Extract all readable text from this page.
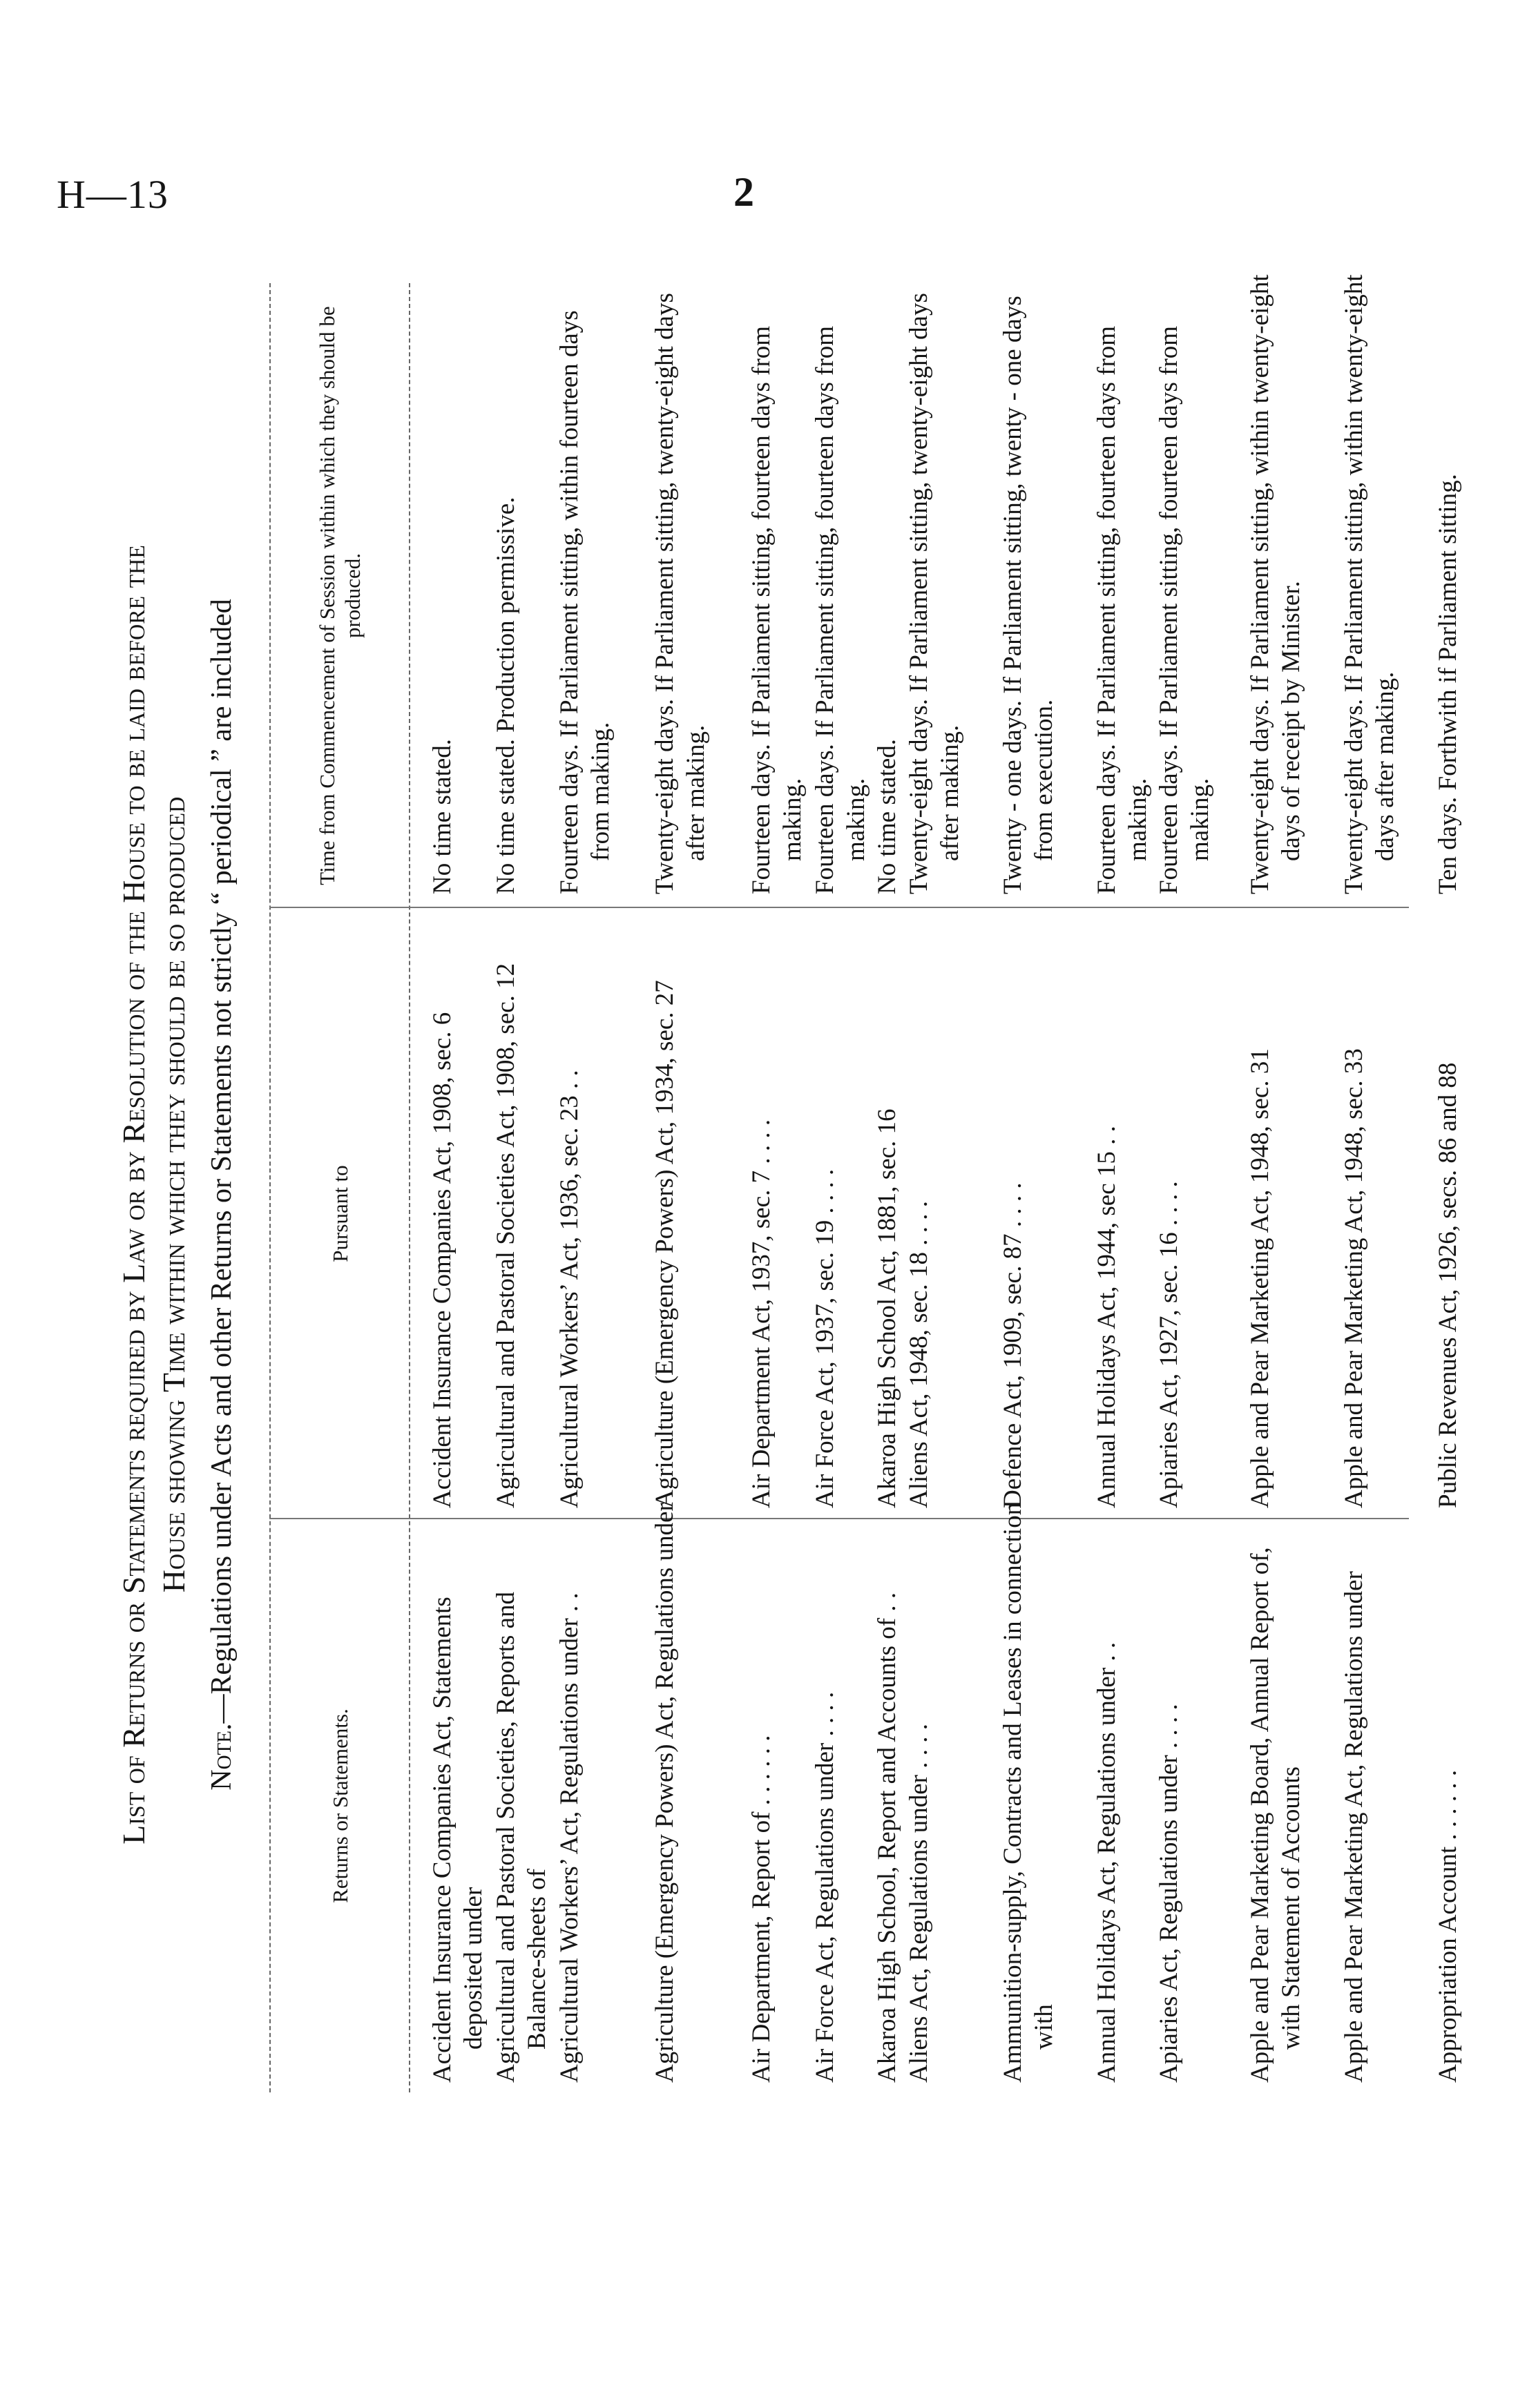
H—13	2
List of Returns or Statements required by Law or by Resolution of the House to be laid before the House showing Time within which they should be so produced
Note.—Regulations under Acts and other Returns or Statements not strictly “ periodical ” are included
Returns or Statements.
Pursuant to
Time from Commencement of Session within which they should be produced.
Accident Insurance Companies Act, Statements deposited under
Accident Insurance Companies Act, 1908, sec. 6
No time stated.
Agricultural and Pastoral Societies, Reports and Balance-sheets of
Agricultural and Pastoral Societies Act, 1908, sec. 12
No time stated. Production permissive.
Agricultural Workers’ Act, Regulations under . .
Agricultural Workers’ Act, 1936, sec. 23 . .
Fourteen days. If Parliament sitting, within fourteen days from making.
Agriculture (Emergency Powers) Act, Regulations under
Agriculture (Emergency Powers) Act, 1934, sec. 27
Twenty-eight days. If Parliament sitting, twenty-eight days after making.
Air Department, Report of . . . . . .
Air Department Act, 1937, sec. 7 . . . .
Fourteen days. If Parliament sitting, fourteen days from making.
Air Force Act, Regulations under . . . .
Air Force Act, 1937, sec. 19 . . . .
Fourteen days. If Parliament sitting, fourteen days from making.
Akaroa High School, Report and Accounts of . .
Akaroa High School Act, 1881, sec. 16
No time stated.
Aliens Act, Regulations under . . . .
Aliens Act, 1948, sec. 18 . . . .
Twenty-eight days. If Parliament sitting, twenty-eight days after making.
Ammunition-supply, Contracts and Leases in connection with
Defence Act, 1909, sec. 87 . . . .
Twenty - one days. If Parliament sitting, twenty - one days from execution.
Annual Holidays Act, Regulations under . .
Annual Holidays Act, 1944, sec 15 . .
Fourteen days. If Parliament sitting, fourteen days from making.
Apiaries Act, Regulations under . . . .
Apiaries Act, 1927, sec. 16 . . . .
Fourteen days. If Parliament sitting, fourteen days from making.
Apple and Pear Marketing Board, Annual Report of, with Statement of Accounts
Apple and Pear Marketing Act, 1948, sec. 31
Twenty-eight days. If Parliament sitting, within twenty-eight days of receipt by Minister.
Apple and Pear Marketing Act, Regulations under
Apple and Pear Marketing Act, 1948, sec. 33
Twenty-eight days. If Parliament sitting, within twenty-eight days after making.
Appropriation Account . . . . . .
Public Revenues Act, 1926, secs. 86 and 88
Ten days. Forthwith if Parliament sitting.
